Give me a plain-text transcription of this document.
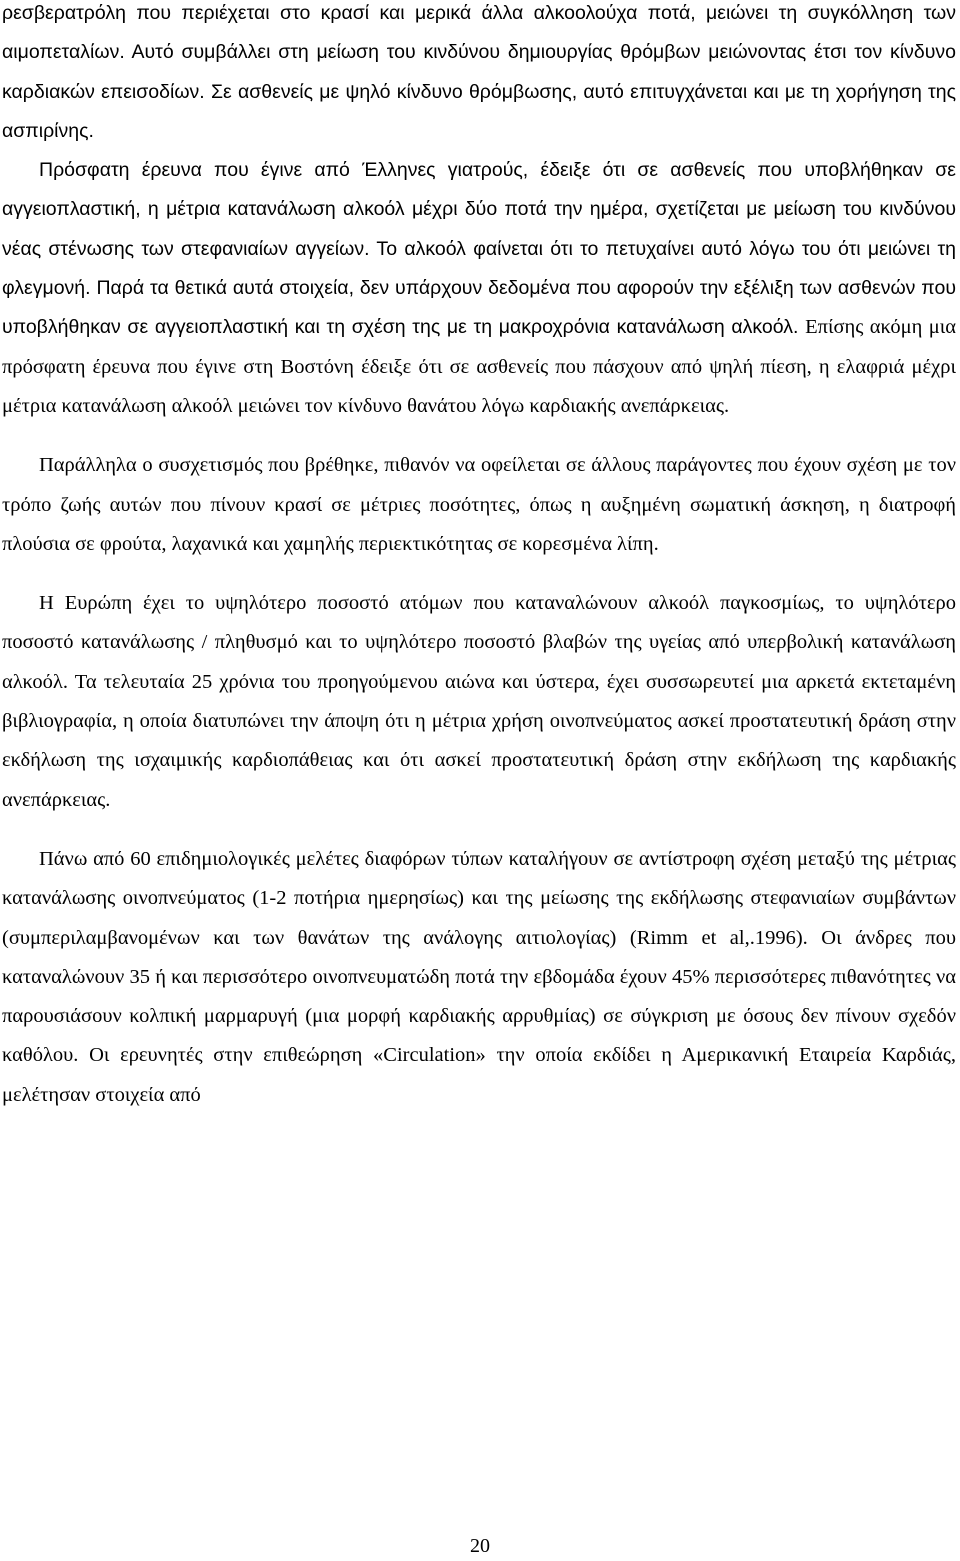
ρεσβερατρόλη που περιέχεται στο κρασί και μερικά άλλα αλκοολούχα ποτά, μειώνει τη συγκόλληση των αιμοπεταλίων. Αυτό συμβάλλει στη μείωση του κινδύνου δημιουργίας θρόμβων μειώνοντας έτσι τον κίνδυνο καρδιακών επεισοδίων. Σε ασθενείς με ψηλό κίνδυνο θρόμβωσης, αυτό επιτυγχάνεται και με τη χορήγηση της ασπιρίνης.

Πρόσφατη έρευνα που έγινε από Έλληνες γιατρούς, έδειξε ότι σε ασθενείς που υποβλήθηκαν σε αγγειοπλαστική, η μέτρια κατανάλωση αλκοόλ μέχρι δύο ποτά την ημέρα, σχετίζεται με μείωση του κινδύνου νέας στένωσης των στεφανιαίων αγγείων. Το αλκοόλ φαίνεται ότι το πετυχαίνει αυτό λόγω του ότι μειώνει τη φλεγμονή. Παρά τα θετικά αυτά στοιχεία, δεν υπάρχουν δεδομένα που αφορούν την εξέλιξη των ασθενών που υποβλήθηκαν σε αγγειοπλαστική και τη σχέση της με τη μακροχρόνια κατανάλωση αλκοόλ. Επίσης ακόμη μια πρόσφατη έρευνα που έγινε στη Βοστόνη έδειξε ότι σε ασθενείς που πάσχουν από ψηλή πίεση, η ελαφριά μέχρι μέτρια κατανάλωση αλκοόλ μειώνει τον κίνδυνο θανάτου λόγω καρδιακής ανεπάρκειας.

Παράλληλα ο συσχετισμός που βρέθηκε, πιθανόν να οφείλεται σε άλλους παράγοντες που έχουν σχέση με τον τρόπο ζωής αυτών που πίνουν κρασί σε μέτριες ποσότητες, όπως η αυξημένη σωματική άσκηση, η διατροφή πλούσια σε φρούτα, λαχανικά και χαμηλής περιεκτικότητας σε κορεσμένα λίπη.

Η Ευρώπη έχει το υψηλότερο ποσοστό ατόμων που καταναλώνουν αλκοόλ παγκοσμίως, το υψηλότερο ποσοστό κατανάλωσης / πληθυσμό και το υψηλότερο ποσοστό βλαβών της υγείας από υπερβολική κατανάλωση αλκοόλ. Τα τελευταία 25 χρόνια του προηγούμενου αιώνα και ύστερα, έχει συσσωρευτεί μια αρκετά εκτεταμένη βιβλιογραφία, η οποία διατυπώνει την άποψη ότι η μέτρια χρήση οινοπνεύματος ασκεί προστατευτική δράση στην εκδήλωση της ισχαιμικής καρδιοπάθειας και ότι ασκεί προστατευτική δράση στην εκδήλωση της καρδιακής ανεπάρκειας.

Πάνω από 60 επιδημιολογικές μελέτες διαφόρων τύπων καταλήγουν σε αντίστροφη σχέση μεταξύ της μέτριας κατανάλωσης οινοπνεύματος (1-2 ποτήρια ημερησίως) και της μείωσης της εκδήλωσης στεφανιαίων συμβάντων (συμπεριλαμβανομένων και των θανάτων της ανάλογης αιτιολογίας) (Rimm et al,.1996). Οι άνδρες που καταναλώνουν 35 ή και περισσότερο οινοπνευματώδη ποτά την εβδομάδα έχουν 45% περισσότερες πιθανότητες να παρουσιάσουν κολπική μαρμαρυγή (μια μορφή καρδιακής αρρυθμίας) σε σύγκριση με όσους δεν πίνουν σχεδόν καθόλου. Οι ερευνητές στην επιθεώρηση «Circulation» την οποία εκδίδει η Αμερικανική Εταιρεία Καρδιάς, μελέτησαν στοιχεία από

20
